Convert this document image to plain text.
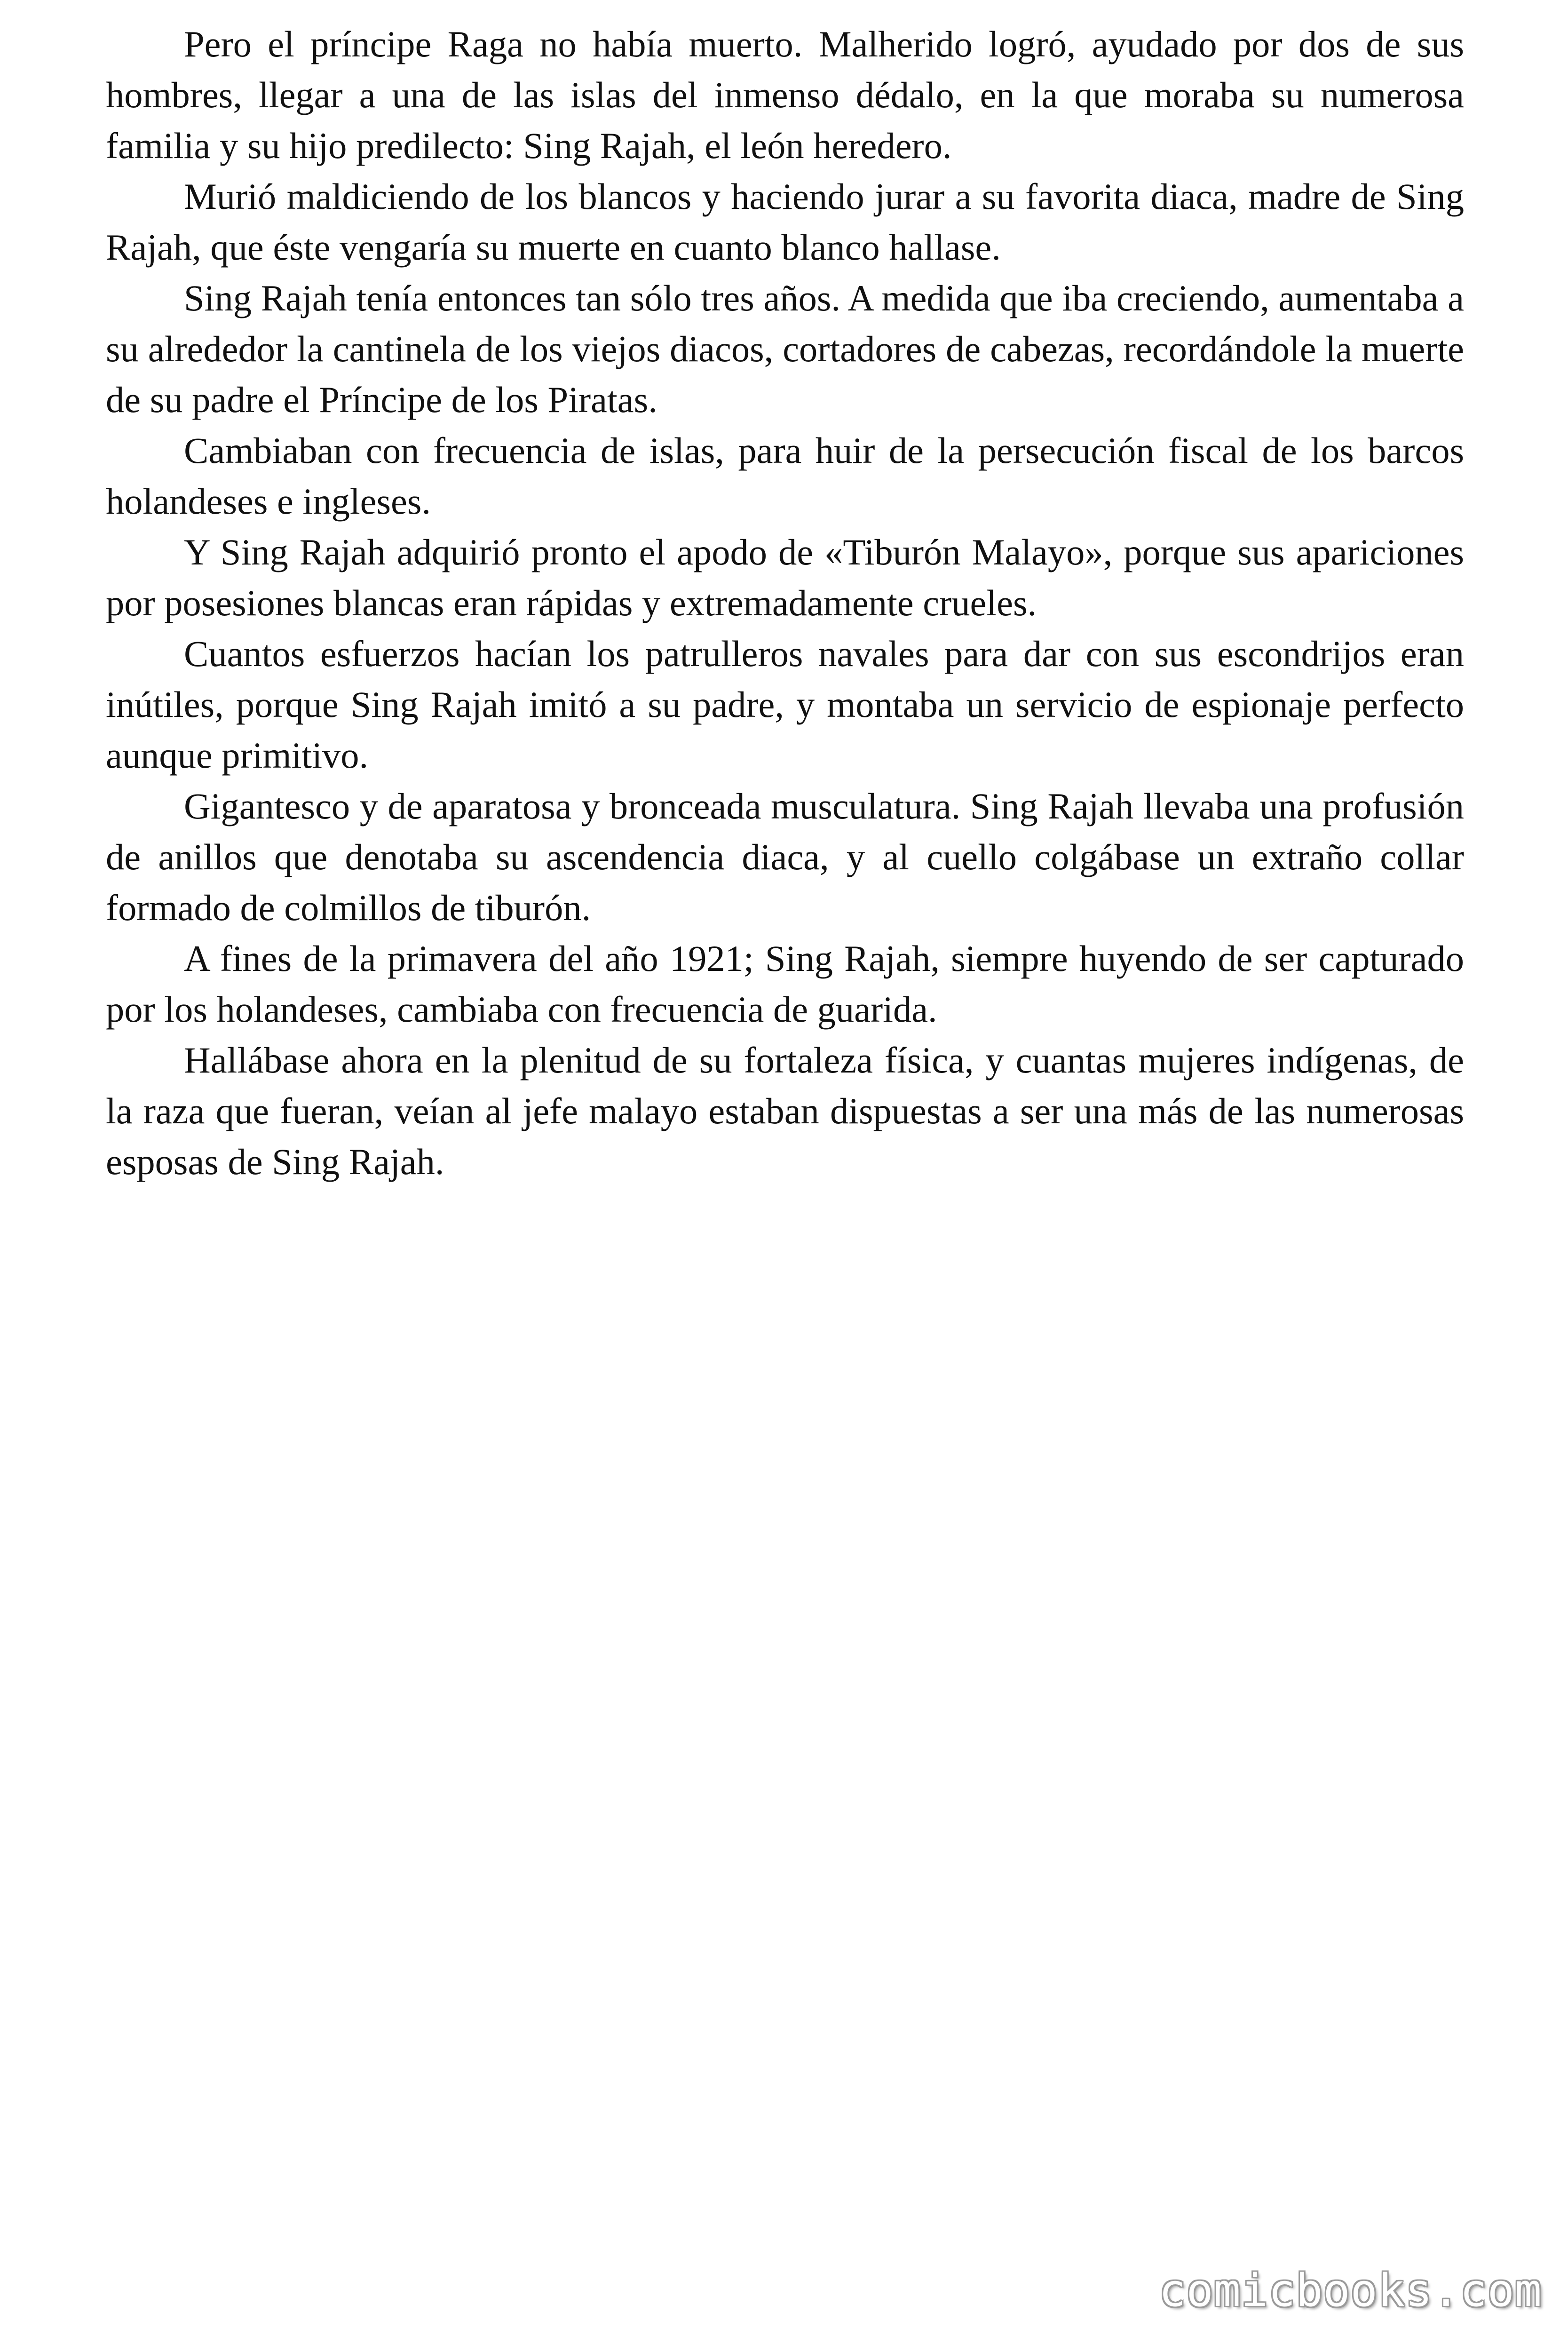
Pero el príncipe Raga no había muerto. Malherido logró, ayudado por dos de sus hombres, llegar a una de las islas del inmenso dédalo, en la que moraba su numerosa familia y su hijo predilecto: Sing Rajah, el león heredero.

Murió maldiciendo de los blancos y haciendo jurar a su favorita diaca, madre de Sing Rajah, que éste vengaría su muerte en cuanto blanco hallase.

Sing Rajah tenía entonces tan sólo tres años. A medida que iba creciendo, aumentaba a su alrededor la cantinela de los viejos diacos, cortadores de cabezas, recordándole la muerte de su padre el Príncipe de los Piratas.

Cambiaban con frecuencia de islas, para huir de la persecución fiscal de los barcos holandeses e ingleses.

Y Sing Rajah adquirió pronto el apodo de «Tiburón Malayo», porque sus apariciones por posesiones blancas eran rápidas y extremadamente crueles.

Cuantos esfuerzos hacían los patrulleros navales para dar con sus escondrijos eran inútiles, porque Sing Rajah imitó a su padre, y montaba un servicio de espionaje perfecto aunque primitivo.

Gigantesco y de aparatosa y bronceada musculatura. Sing Rajah llevaba una profusión de anillos que denotaba su ascendencia diaca, y al cuello colgábase un extraño collar formado de colmillos de tiburón.

A fines de la primavera del año 1921; Sing Rajah, siempre huyendo de ser capturado por los holandeses, cambiaba con frecuencia de guarida.

Hallábase ahora en la plenitud de su fortaleza física, y cuantas mujeres indígenas, de la raza que fueran, veían al jefe malayo estaban dispuestas a ser una más de las numerosas esposas de Sing Rajah.

comicbooks.com
